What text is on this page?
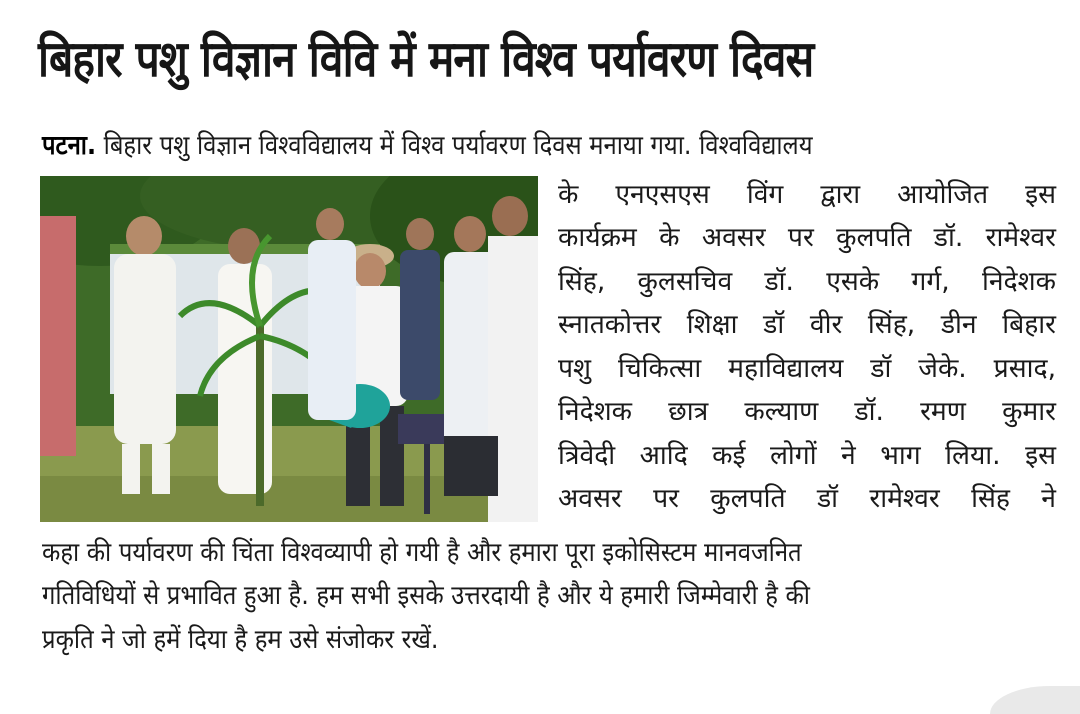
बिहार पशु विज्ञान विवि में मना विश्व पर्यावरण दिवस
पटना. बिहार पशु विज्ञान विश्वविद्यालय में विश्व पर्यावरण दिवस मनाया गया. विश्वविद्यालय
के एनएसएस विंग द्वारा आयोजित इस
कार्यक्रम के अवसर पर कुलपति डॉ. रामेश्वर
सिंह, कुलसचिव डॉ. एसके गर्ग, निदेशक
स्नातकोत्तर शिक्षा डॉ वीर सिंह, डीन बिहार
पशु चिकित्सा महाविद्यालय डॉ जेके. प्रसाद,
निदेशक छात्र कल्याण डॉ. रमण कुमार
त्रिवेदी आदि कई लोगों ने भाग लिया. इस
अवसर पर कुलपति डॉ रामेश्वर सिंह ने
कहा की पर्यावरण की चिंता विश्वव्यापी हो गयी है और हमारा पूरा इकोसिस्टम मानवजनित
गतिविधियों से प्रभावित हुआ है. हम सभी इसके उत्तरदायी है और ये हमारी जिम्मेवारी है की
प्रकृति ने जो हमें दिया है हम उसे संजोकर रखें.
